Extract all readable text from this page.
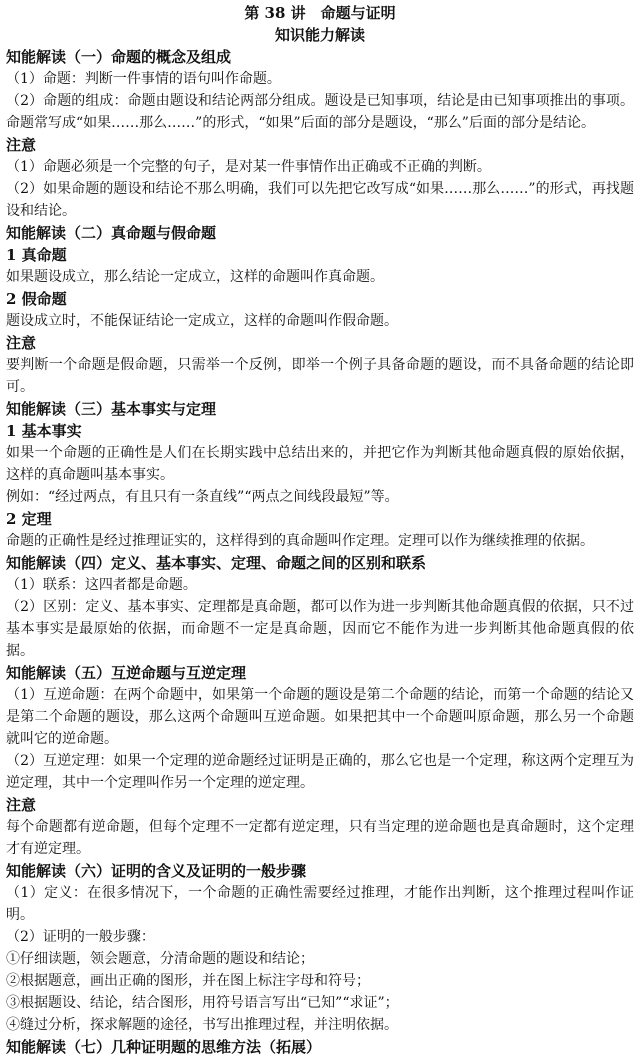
第 38 讲　命题与证明
知识能力解读
知能解读（一）命题的概念及组成

（1）命题：判断一件事情的语句叫作命题。

（2）命题的组成：命题由题设和结论两部分组成。题设是已知事项，结论是由已知事项推出的事项。命题常写成“如果……那么……”的形式，“如果”后面的部分是题设，“那么”后面的部分是结论。

注意

（1）命题必须是一个完整的句子，是对某一件事情作出正确或不正确的判断。

（2）如果命题的题设和结论不那么明确，我们可以先把它改写成“如果……那么……”的形式，再找题设和结论。

知能解读（二）真命题与假命题
1 真命题

如果题设成立，那么结论一定成立，这样的命题叫作真命题。

2 假命题

题设成立时，不能保证结论一定成立，这样的命题叫作假命题。

注意

要判断一个命题是假命题，只需举一个反例，即举一个例子具备命题的题设，而不具备命题的结论即可。

知能解读（三）基本事实与定理
1 基本事实

如果一个命题的正确性是人们在长期实践中总结出来的，并把它作为判断其他命题真假的原始依据，这样的真命题叫基本事实。

例如：“经过两点，有且只有一条直线”“两点之间线段最短”等。

2 定理

命题的正确性是经过推理证实的，这样得到的真命题叫作定理。定理可以作为继续推理的依据。

知能解读（四）定义、基本事实、定理、命题之间的区别和联系

（1）联系：这四者都是命题。

（2）区别：定义、基本事实、定理都是真命题，都可以作为进一步判断其他命题真假的依据，只不过基本事实是最原始的依据，而命题不一定是真命题，因而它不能作为进一步判断其他命题真假的依据。

知能解读（五）互逆命题与互逆定理

（1）互逆命题：在两个命题中，如果第一个命题的题设是第二个命题的结论，而第一个命题的结论又是第二个命题的题设，那么这两个命题叫互逆命题。如果把其中一个命题叫原命题，那么另一个命题就叫它的逆命题。

（2）互逆定理：如果一个定理的逆命题经过证明是正确的，那么它也是一个定理，称这两个定理互为逆定理，其中一个定理叫作另一个定理的逆定理。

注意

每个命题都有逆命题，但每个定理不一定都有逆定理，只有当定理的逆命题也是真命题时，这个定理才有逆定理。

知能解读（六）证明的含义及证明的一般步骤

（1）定义：在很多情况下，一个命题的正确性需要经过推理，才能作出判断，这个推理过程叫作证明。

（2）证明的一般步骤：

①仔细读题，领会题意，分清命题的题设和结论；

②根据题意，画出正确的图形，并在图上标注字母和符号；

③根据题设、结论，结合图形，用符号语言写出“已知”“求证”；

④缝过分析，探求解题的途径，书写出推理过程，并注明依据。

知能解读（七）几种证明题的思维方法（拓展）
